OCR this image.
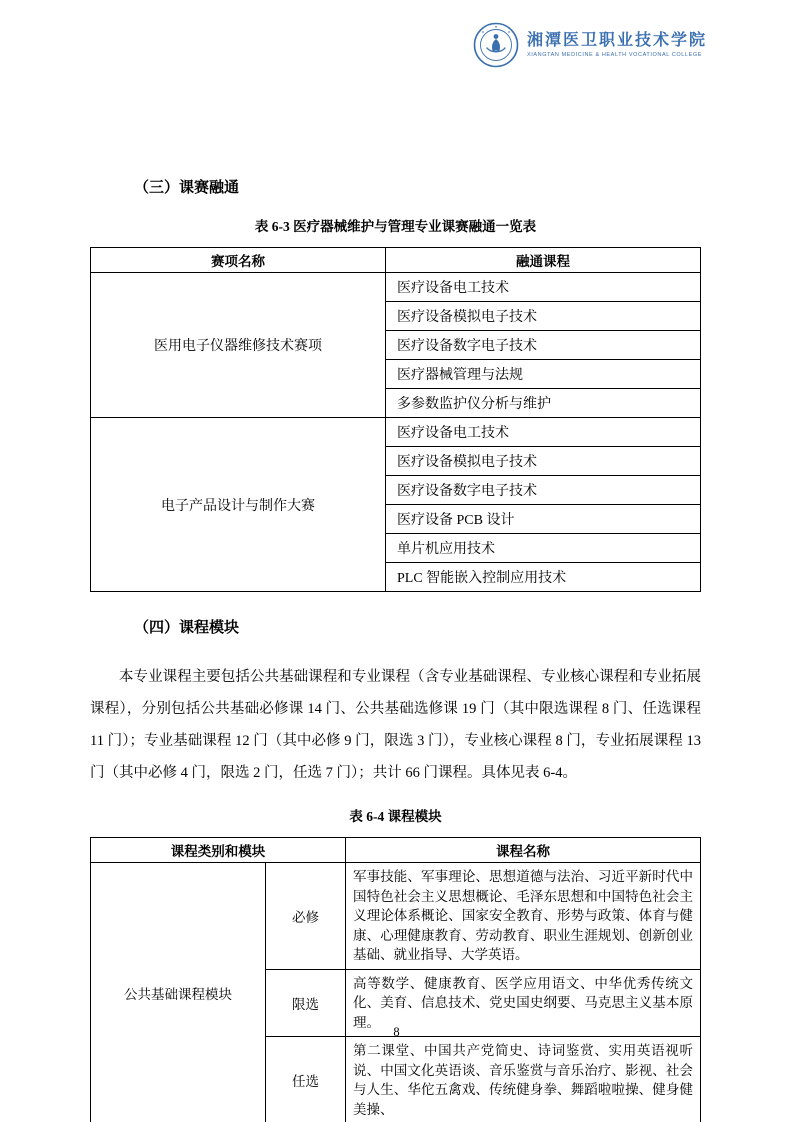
湘潭医卫职业技术学院
XIANGTAN MEDICINE & HEALTH VOCATIONAL COLLEGE
（三）课赛融通
表 6-3 医疗器械维护与管理专业课赛融通一览表
赛项名称	融通课程
医用电子仪器维修技术赛项	医疗设备电工技术
	医疗设备模拟电子技术
	医疗设备数字电子技术
	医疗器械管理与法规
	多参数监护仪分析与维护
电子产品设计与制作大赛	医疗设备电工技术
	医疗设备模拟电子技术
	医疗设备数字电子技术
	医疗设备 PCB 设计
	单片机应用技术
	PLC 智能嵌入控制应用技术
（四）课程模块

本专业课程主要包括公共基础课程和专业课程（含专业基础课程、专业核心课程和专业拓展课程），分别包括公共基础必修课 14 门、公共基础选修课 19 门（其中限选课程 8 门、任选课程 11 门）；专业基础课程 12 门（其中必修 9 门，限选 3 门），专业核心课程 8 门，专业拓展课程 13 门（其中必修 4 门，限选 2 门，任选 7 门）；共计 66 门课程。具体见表 6-4。

表 6-4 课程模块
课程类别和模块		课程名称
公共基础课程模块	必修	军事技能、军事理论、思想道德与法治、习近平新时代中国特色社会主义思想概论、毛泽东思想和中国特色社会主义理论体系概论、国家安全教育、形势与政策、体育与健康、心理健康教育、劳动教育、职业生涯规划、创新创业基础、就业指导、大学英语。
	限选	高等数学、健康教育、医学应用语文、中华优秀传统文化、美育、信息技术、党史国史纲要、马克思主义基本原理。
	任选	第二课堂、中国共产党简史、诗词鉴赏、实用英语视听说、中国文化英语谈、音乐鉴赏与音乐治疗、影视、社会与人生、华佗五禽戏、传统健身拳、舞蹈啦啦操、健身健美操、
8
